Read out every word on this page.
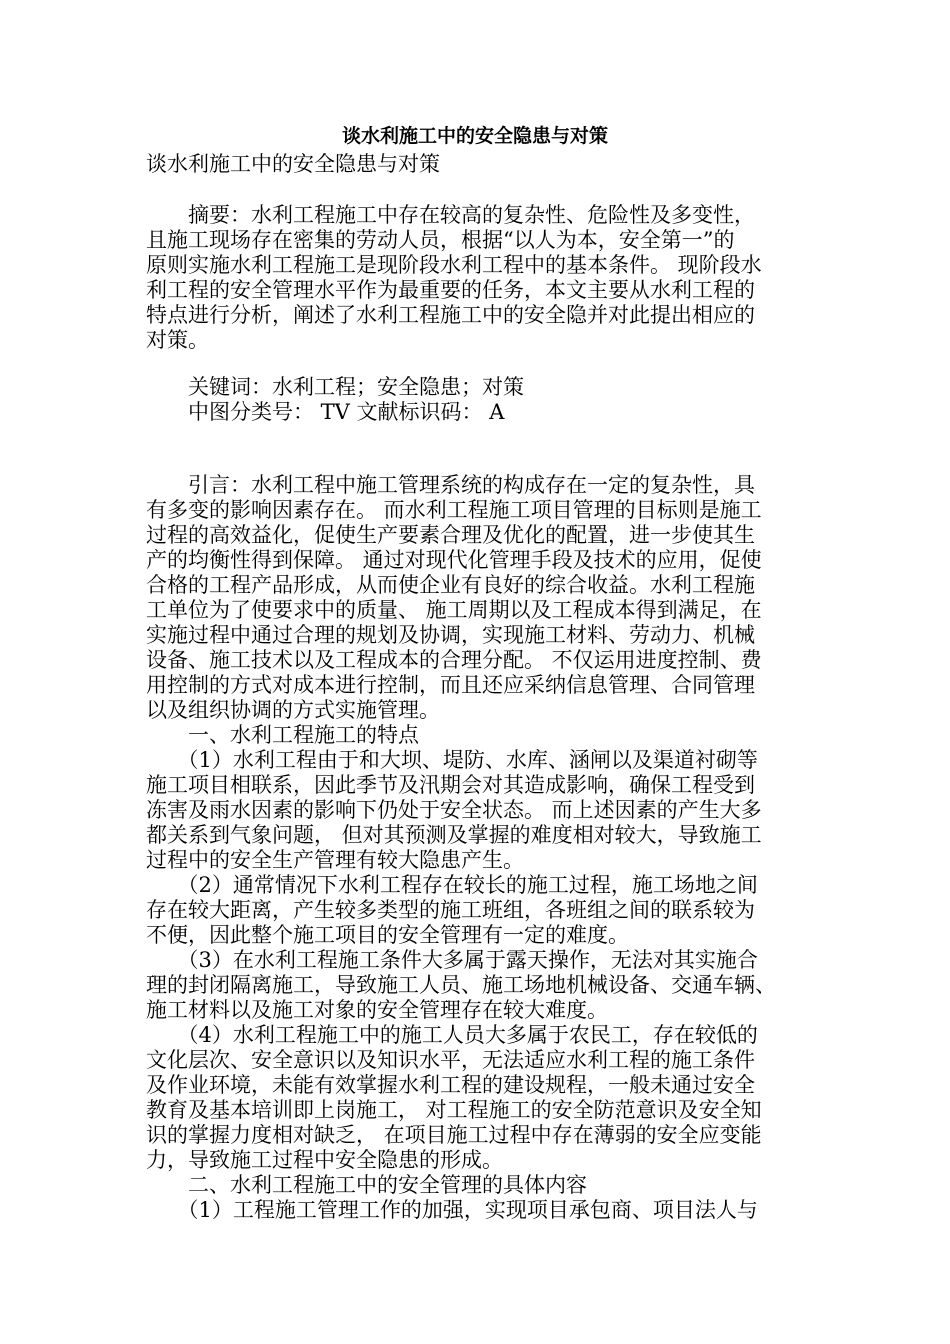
谈水利施工中的安全隐患与对策
谈水利施工中的安全隐患与对策
　　摘要：水利工程施工中存在较高的复杂性、危险性及多变性，
且施工现场存在密集的劳动人员，根据“以人为本，安全第一”的
原则实施水利工程施工是现阶段水利工程中的基本条件。 现阶段水
利工程的安全管理水平作为最重要的任务，本文主要从水利工程的
特点进行分析，阐述了水利工程施工中的安全隐并对此提出相应的
对策。
　　关键词：水利工程；安全隐患；对策
　　中图分类号： TV 文献标识码： A
　　引言：水利工程中施工管理系统的构成存在一定的复杂性，具
有多变的影响因素存在。 而水利工程施工项目管理的目标则是施工
过程的高效益化，促使生产要素合理及优化的配置，进一步使其生
产的均衡性得到保障。 通过对现代化管理手段及技术的应用，促使
合格的工程产品形成，从而使企业有良好的综合收益。水利工程施
工单位为了使要求中的质量、 施工周期以及工程成本得到满足，在
实施过程中通过合理的规划及协调，实现施工材料、劳动力、机械
设备、施工技术以及工程成本的合理分配。 不仅运用进度控制、费
用控制的方式对成本进行控制，而且还应采纳信息管理、合同管理
以及组织协调的方式实施管理。
　　一、水利工程施工的特点
　　（1）水利工程由于和大坝、堤防、水库、涵闸以及渠道衬砌等
施工项目相联系，因此季节及汛期会对其造成影响，确保工程受到
冻害及雨水因素的影响下仍处于安全状态。 而上述因素的产生大多
都关系到气象问题， 但对其预测及掌握的难度相对较大，导致施工
过程中的安全生产管理有较大隐患产生。
　　（2）通常情况下水利工程存在较长的施工过程，施工场地之间
存在较大距离，产生较多类型的施工班组，各班组之间的联系较为
不便，因此整个施工项目的安全管理有一定的难度。
　　（3）在水利工程施工条件大多属于露天操作，无法对其实施合
理的封闭隔离施工，导致施工人员、施工场地机械设备、交通车辆、
施工材料以及施工对象的安全管理存在较大难度。
　　（4）水利工程施工中的施工人员大多属于农民工，存在较低的
文化层次、安全意识以及知识水平，无法适应水利工程的施工条件
及作业环境，未能有效掌握水利工程的建设规程，一般未通过安全
教育及基本培训即上岗施工， 对工程施工的安全防范意识及安全知
识的掌握力度相对缺乏， 在项目施工过程中存在薄弱的安全应变能
力，导致施工过程中安全隐患的形成。
　　二、水利工程施工中的安全管理的具体内容
　　（1）工程施工管理工作的加强，实现项目承包商、项目法人与
